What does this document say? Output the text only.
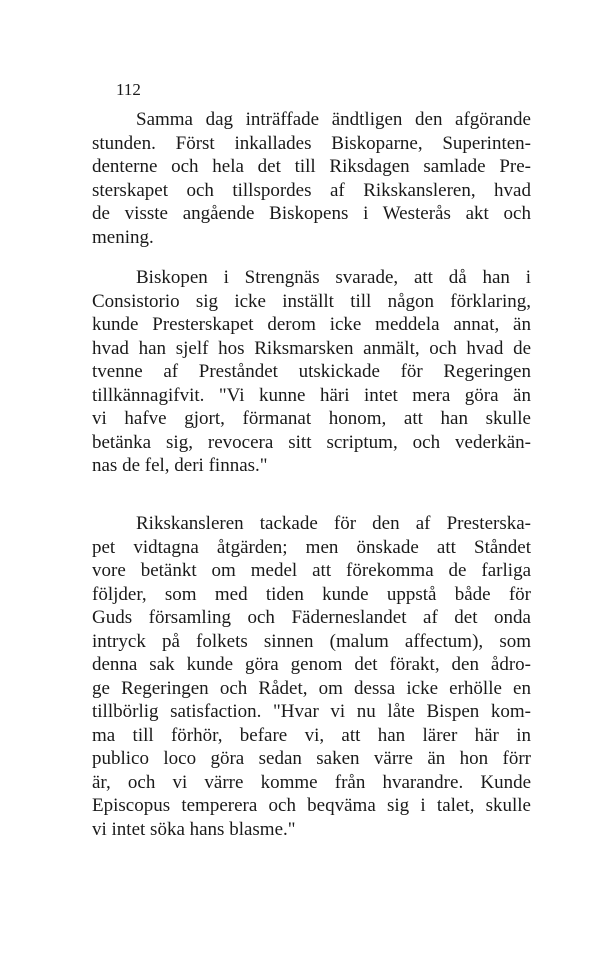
112
Samma dag inträffade ändtligen den afgörande
stunden. Först inkallades Biskoparne, Superinten-
denterne och hela det till Riksdagen samlade Pre-
sterskapet och tillspordes af Rikskansleren, hvad
de visste angående Biskopens i Westerås akt och
mening.
Biskopen i Strengnäs svarade, att då han i
Consistorio sig icke inställt till någon förklaring,
kunde Presterskapet derom icke meddela annat, än
hvad han sjelf hos Riksmarsken anmält, och hvad de
tvenne af Preståndet utskickade för Regeringen
tillkännagifvit. "Vi kunne häri intet mera göra än
vi hafve gjort, förmanat honom, att han skulle
betänka sig, revocera sitt scriptum, och vederkän-
nas de fel, deri finnas."
Rikskansleren tackade för den af Presterska-
pet vidtagna åtgärden; men önskade att Ståndet
vore betänkt om medel att förekomma de farliga
följder, som med tiden kunde uppstå både för
Guds församling och Fäderneslandet af det onda
intryck på folkets sinnen (malum affectum), som
denna sak kunde göra genom det förakt, den ådro-
ge Regeringen och Rådet, om dessa icke erhölle en
tillbörlig satisfaction. "Hvar vi nu låte Bispen kom-
ma till förhör, befare vi, att han lärer här in
publico loco göra sedan saken värre än hon förr
är, och vi värre komme från hvarandre. Kunde
Episcopus temperera och beqväma sig i talet, skulle
vi intet söka hans blasme."
